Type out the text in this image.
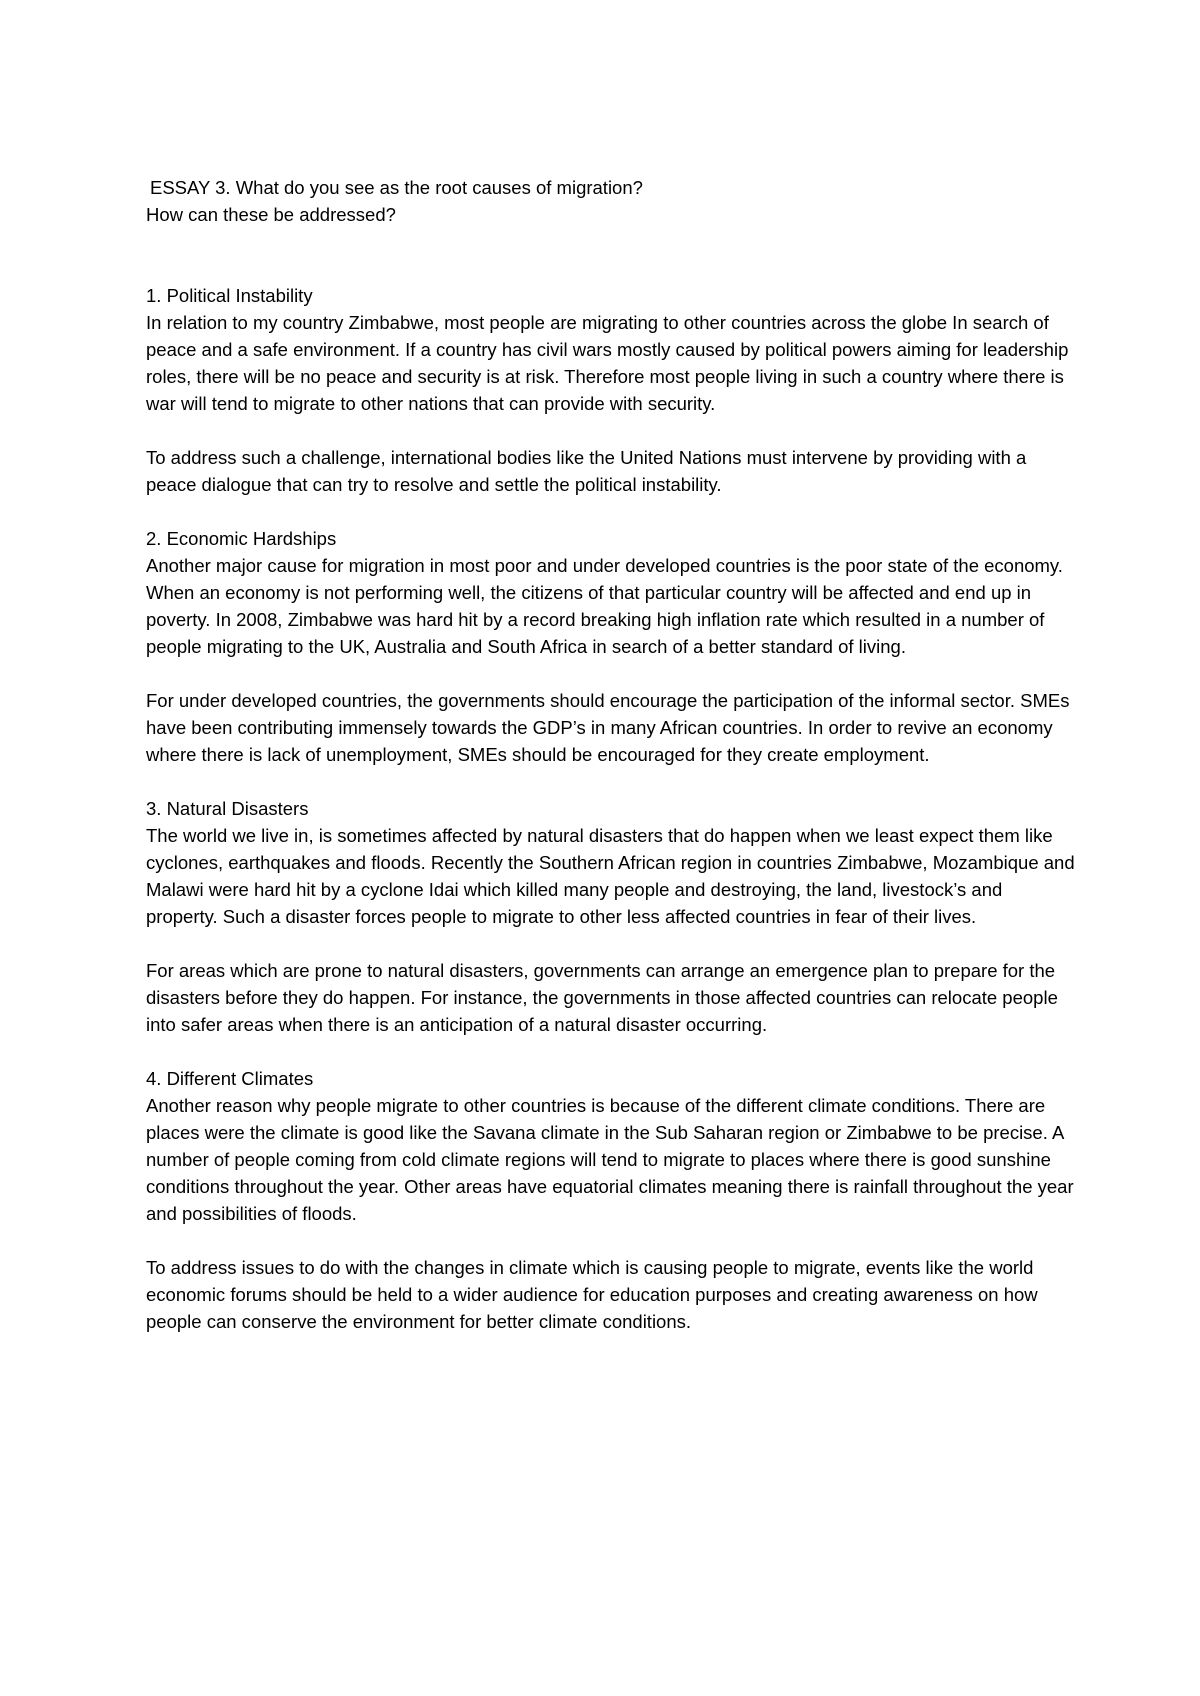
ESSAY 3. What do you see as the root causes of migration?

How can these be addressed?

1. Political Instability

In relation to my country Zimbabwe, most people are migrating to other countries across the globe In search of peace and a safe environment. If a country has civil wars mostly caused by political powers aiming for leadership roles, there will be no peace and security is at risk. Therefore most people living in such a country where there is war will tend to migrate to other nations that can provide with security.

To address such a challenge, international bodies like the United Nations must intervene by providing with a peace dialogue that can try to resolve and settle the political instability.

2. Economic Hardships

Another major cause for migration in most poor and under developed countries is the poor state of the economy. When an economy is not performing well, the citizens of that particular country will be affected and end up in poverty. In 2008, Zimbabwe was hard hit by a record breaking high inflation rate which resulted in a number of people migrating to the UK, Australia and South Africa in search of a better standard of living.

For under developed countries, the governments should encourage the participation of the informal sector. SMEs have been contributing immensely towards the GDP’s in many African countries. In order to revive an economy where there is lack of unemployment, SMEs should be encouraged for they create employment.

3. Natural Disasters

The world we live in, is sometimes affected by natural disasters that do happen when we least expect them like cyclones, earthquakes and floods. Recently the Southern African region in countries Zimbabwe, Mozambique and Malawi were hard hit by a cyclone Idai which killed many people and destroying, the land, livestock’s and property. Such a disaster forces people to migrate to other less affected countries in fear of their lives.

For areas which are prone to natural disasters, governments can arrange an emergence plan to prepare for the disasters before they do happen. For instance, the governments in those affected countries can relocate people into safer areas when there is an anticipation of a natural disaster occurring.

4. Different Climates

Another reason why people migrate to other countries is because of the different climate conditions. There are places were the climate is good like the Savana climate in the Sub Saharan region or Zimbabwe to be precise. A number of people coming from cold climate regions will tend to migrate to places where there is good sunshine conditions throughout the year. Other areas have equatorial climates meaning there is rainfall throughout the year and possibilities of floods.

To address issues to do with the changes in climate which is causing people to migrate, events like the world economic forums should be held to a wider audience for education purposes and creating awareness on how people can conserve the environment for better climate conditions.
